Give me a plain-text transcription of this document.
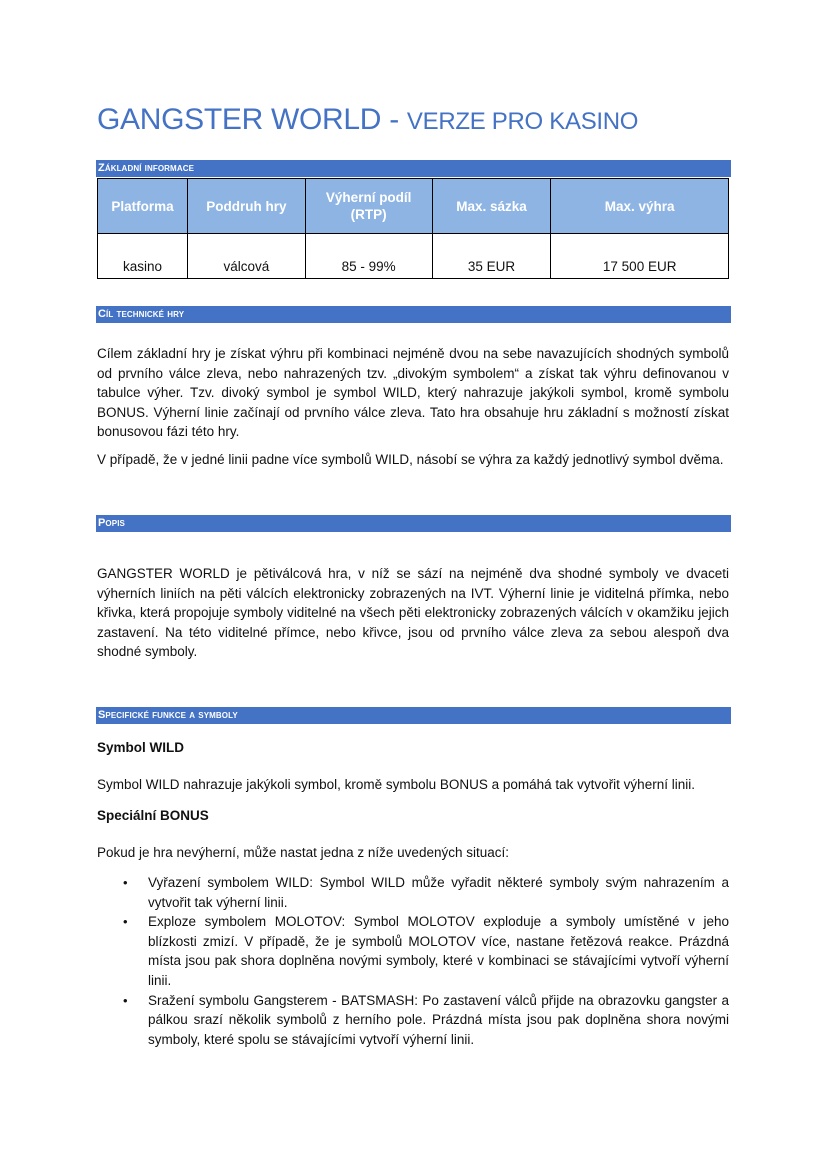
GANGSTER WORLD - VERZE PRO KASINO
Základní informace
Platforma	Poddruh hry	Výherní podíl (RTP)	Max. sázka	Max. výhra
kasino	válcová	85 - 99%	35 EUR	17 500 EUR
Cíl technické hry

Cílem základní hry je získat výhru při kombinaci nejméně dvou na sebe navazujících shodných symbolů od prvního válce zleva, nebo nahrazených tzv. „divokým symbolem“ a získat tak výhru definovanou v tabulce výher. Tzv. divoký symbol je symbol WILD, který nahrazuje jakýkoli symbol, kromě symbolu BONUS. Výherní linie začínají od prvního válce zleva. Tato hra obsahuje hru základní s možností získat bonusovou fázi této hry.

V případě, že v jedné linii padne více symbolů WILD, násobí se výhra za každý jednotlivý symbol dvěma.

Popis

GANGSTER WORLD je pětiválcová hra, v níž se sází na nejméně dva shodné symboly ve dvaceti výherních liniích na pěti válcích elektronicky zobrazených na IVT. Výherní linie je viditelná přímka, nebo křivka, která propojuje symboly viditelné na všech pěti elektronicky zobrazených válcích v okamžiku jejich zastavení. Na této viditelné přímce, nebo křivce, jsou od prvního válce zleva za sebou alespoň dva shodné symboly.

Specifické funkce a symboly

Symbol WILD

Symbol WILD nahrazuje jakýkoli symbol, kromě symbolu BONUS a pomáhá tak vytvořit výherní linii.

Speciální BONUS

Pokud je hra nevýherní, může nastat jedna z níže uvedených situací:

• Vyřazení symbolem WILD: Symbol WILD může vyřadit některé symboly svým nahrazením a vytvořit tak výherní linii.
• Exploze symbolem MOLOTOV: Symbol MOLOTOV exploduje a symboly umístěné v jeho blízkosti zmizí. V případě, že je symbolů MOLOTOV více, nastane řetězová reakce. Prázdná místa jsou pak shora doplněna novými symboly, které v kombinaci se stávajícími vytvoří výherní linii.
• Sražení symbolu Gangsterem - BATSMASH: Po zastavení válců přijde na obrazovku gangster a pálkou srazí několik symbolů z herního pole. Prázdná místa jsou pak doplněna shora novými symboly, které spolu se stávajícími vytvoří výherní linii.
